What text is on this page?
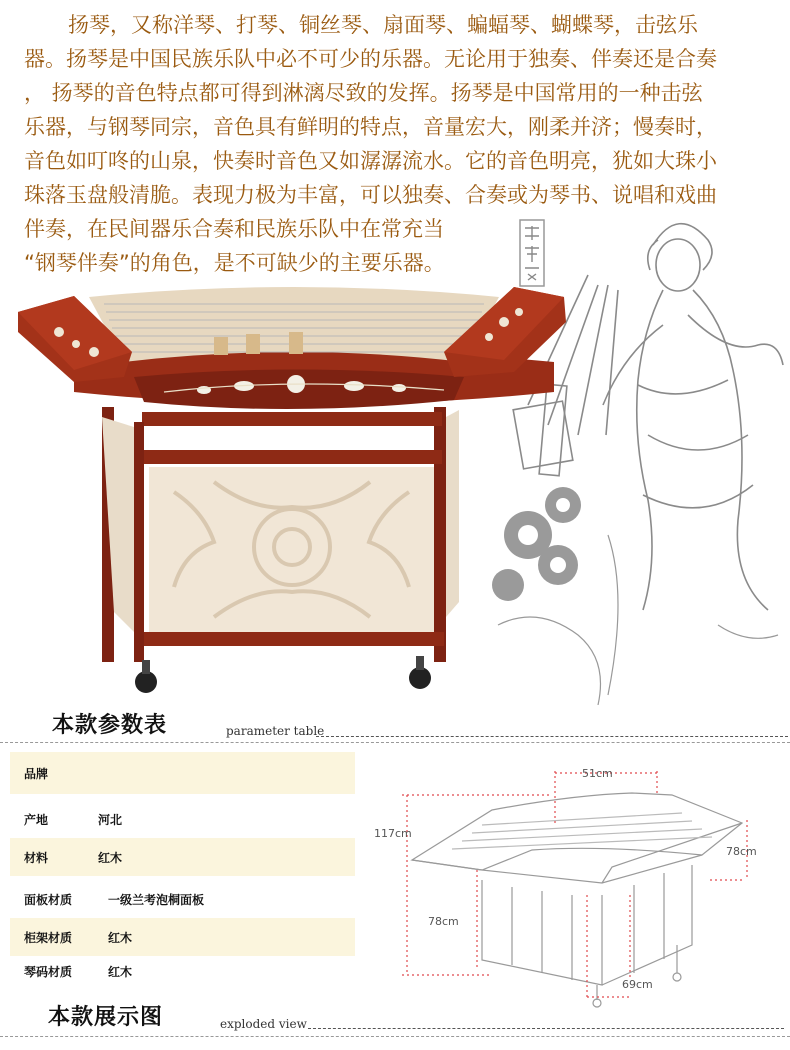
扬琴，又称洋琴、打琴、铜丝琴、扇面琴、蝙蝠琴、蝴蝶琴，击弦乐

器。扬琴是中国民族乐队中必不可少的乐器。无论用于独奏、伴奏还是合奏

， 扬琴的音色特点都可得到淋漓尽致的发挥。扬琴是中国常用的一种击弦

乐器，与钢琴同宗，音色具有鲜明的特点，音量宏大，刚柔并济；慢奏时，

音色如叮咚的山泉，快奏时音色又如潺潺流水。它的音色明亮，犹如大珠小

珠落玉盘般清脆。表现力极为丰富，可以独奏、合奏或为琴书、说唱和戏曲

伴奏，在民间器乐合奏和民族乐队中在常充当

“钢琴伴奏”的角色，是不可缺少的主要乐器。

本款参数表	parameter table
品牌
产地	河北
材料	红木
面板材质	一级兰考泡桐面板
柜架材质	红木
琴码材质	红木
51cm
117cm
78cm
78cm
69cm
本款展示图	exploded view
